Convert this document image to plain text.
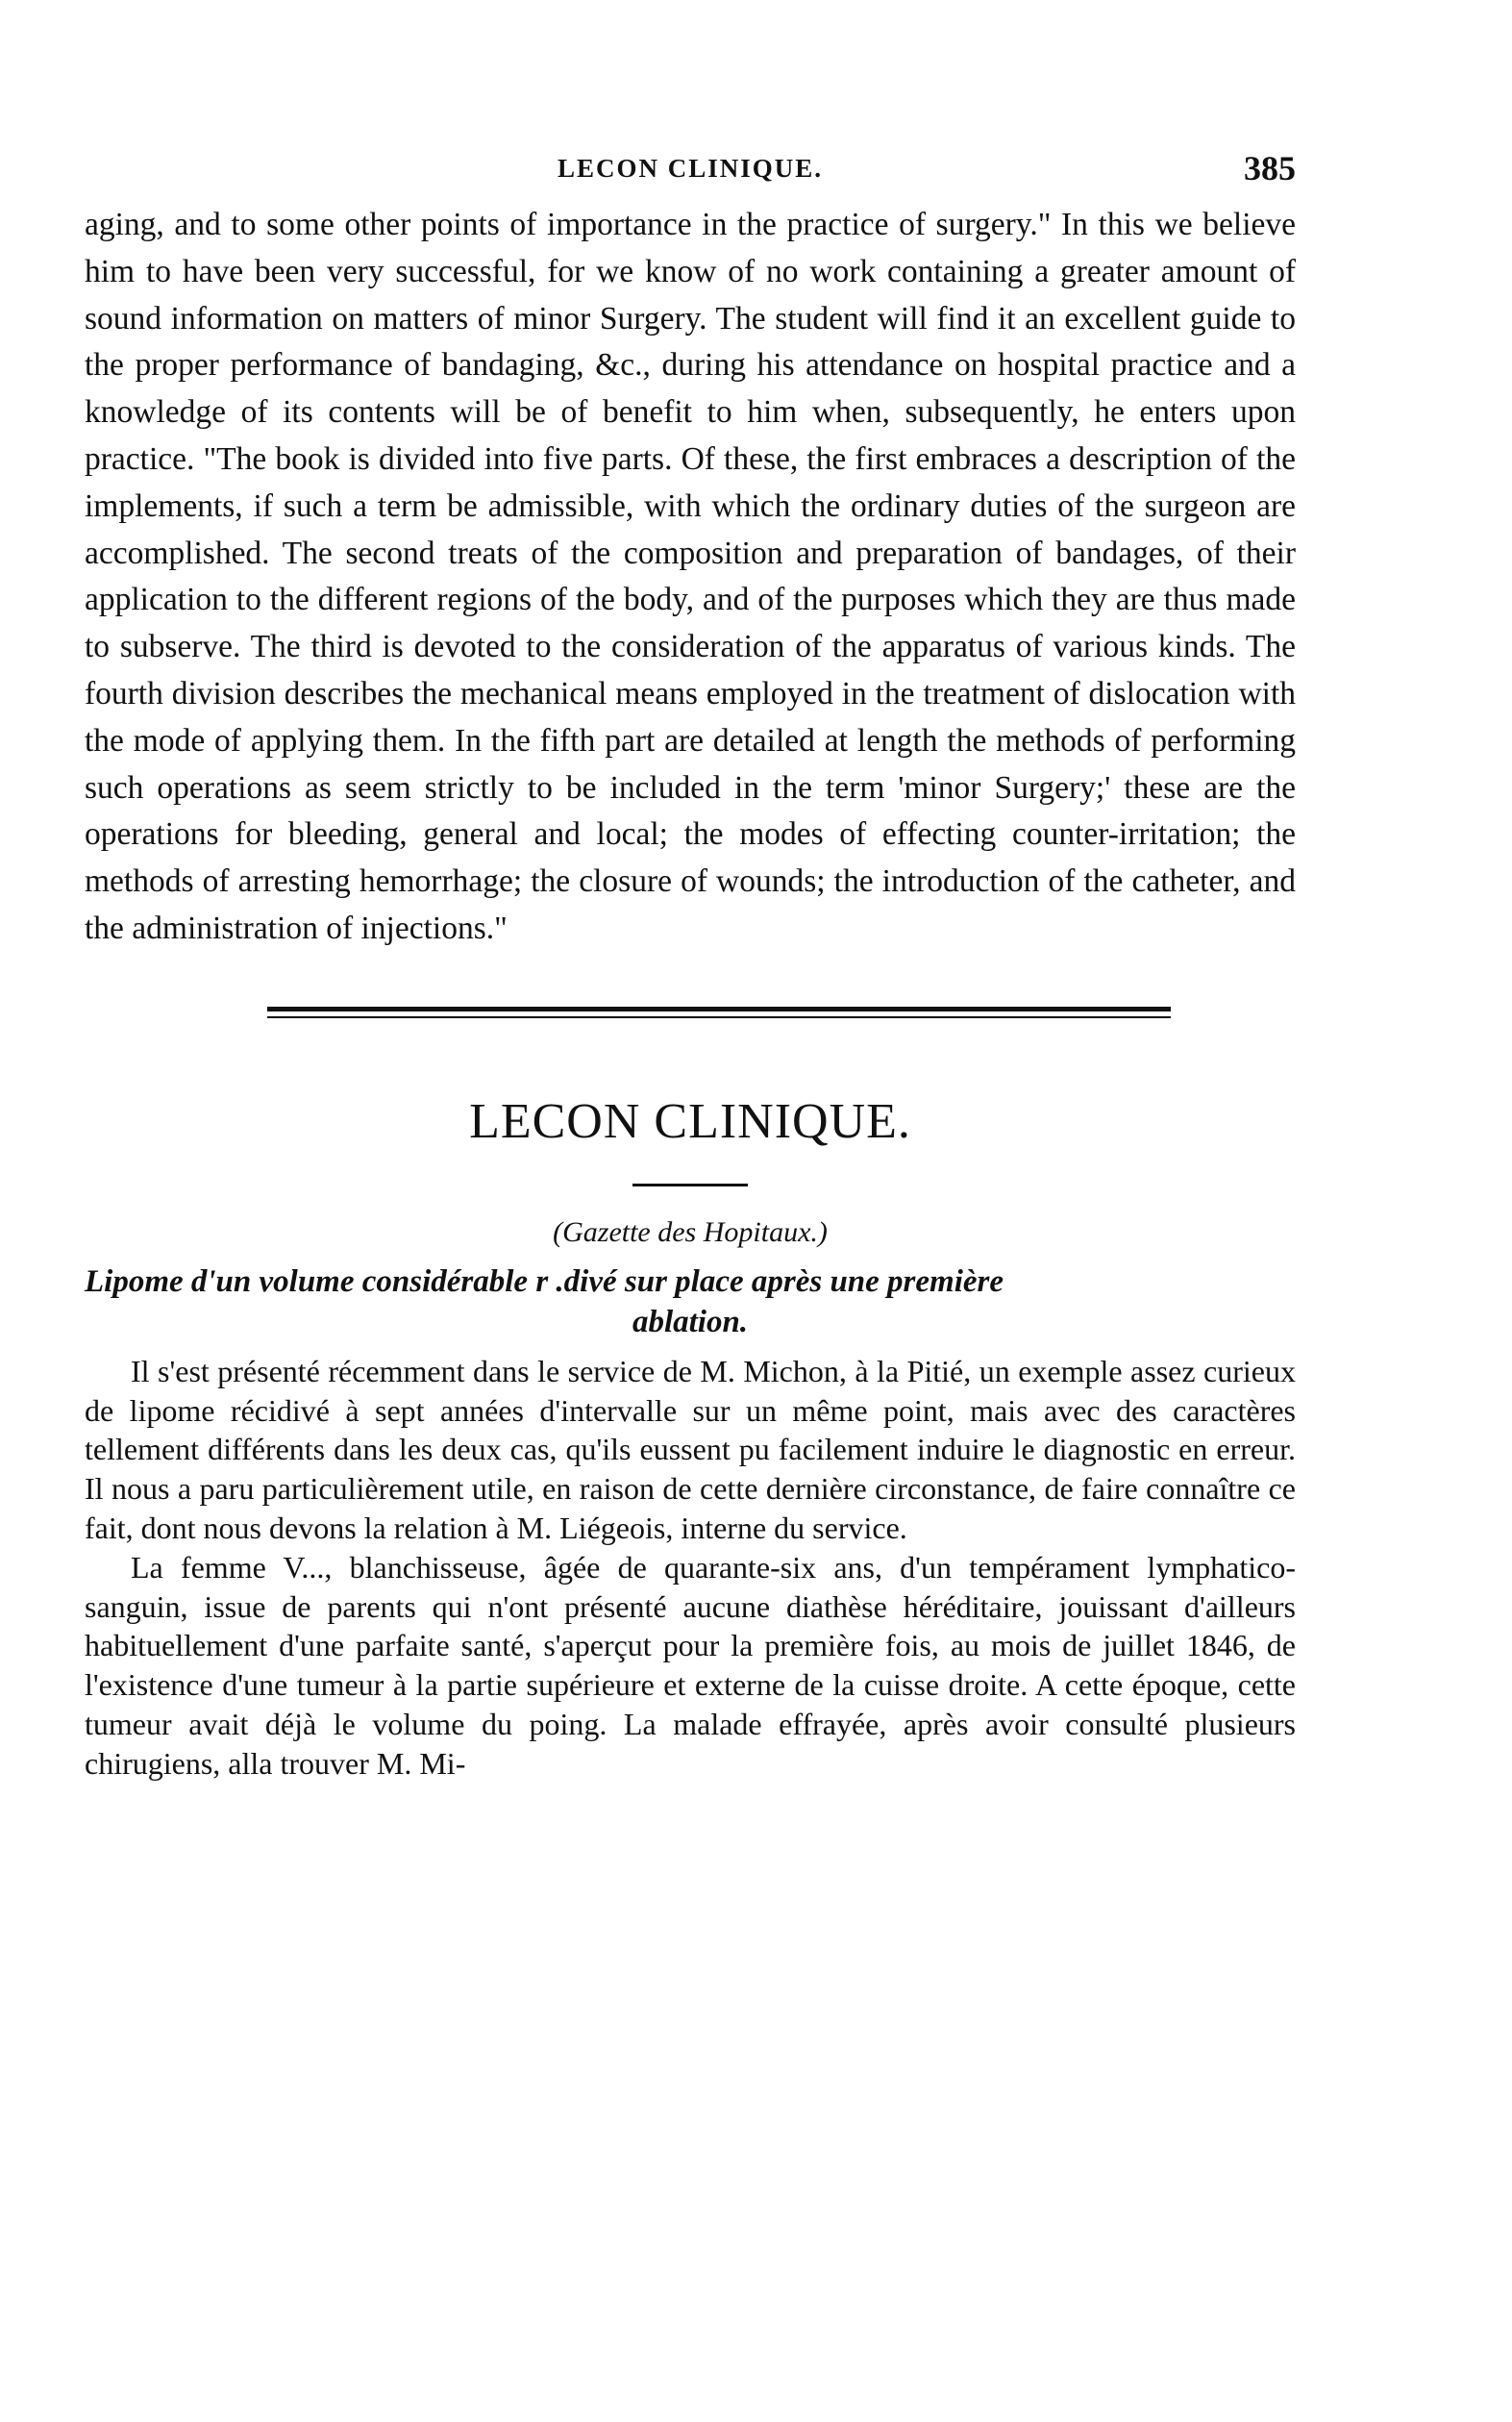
LECON CLINIQUE.	385

aging, and to some other points of importance in the practice of surgery." In this we believe him to have been very successful, for we know of no work containing a greater amount of sound information on matters of minor Surgery. The student will find it an excellent guide to the proper performance of bandaging, &c., during his attendance on hospital practice and a knowledge of its contents will be of benefit to him when, subsequently, he enters upon practice. "The book is divided into five parts. Of these, the first embraces a description of the implements, if such a term be admissible, with which the ordinary duties of the surgeon are accomplished. The second treats of the composition and preparation of bandages, of their application to the different regions of the body, and of the purposes which they are thus made to subserve. The third is devoted to the consideration of the apparatus of various kinds. The fourth division describes the mechanical means employed in the treatment of dislocation with the mode of applying them. In the fifth part are detailed at length the methods of performing such operations as seem strictly to be included in the term 'minor Surgery;' these are the operations for bleeding, general and local; the modes of effecting counter-irritation; the methods of arresting hemorrhage; the closure of wounds; the introduction of the catheter, and the administration of injections."

LECON CLINIQUE.
(Gazette des Hopitaux.)
Lipome d'un volume considérable r .divé sur place après une première
ablation.

Il s'est présenté récemment dans le service de M. Michon, à la Pitié, un exemple assez curieux de lipome récidivé à sept années d'intervalle sur un même point, mais avec des caractères tellement différents dans les deux cas, qu'ils eussent pu facilement induire le diagnostic en erreur. Il nous a paru particulièrement utile, en raison de cette dernière circonstance, de faire connaître ce fait, dont nous devons la relation à M. Liégeois, interne du service.

La femme V..., blanchisseuse, âgée de quarante-six ans, d'un tempérament lymphatico-sanguin, issue de parents qui n'ont présenté aucune diathèse héréditaire, jouissant d'ailleurs habituellement d'une parfaite santé, s'aperçut pour la première fois, au mois de juillet 1846, de l'existence d'une tumeur à la partie supérieure et externe de la cuisse droite. A cette époque, cette tumeur avait déjà le volume du poing. La malade effrayée, après avoir consulté plusieurs chirugiens, alla trouver M. Mi-
